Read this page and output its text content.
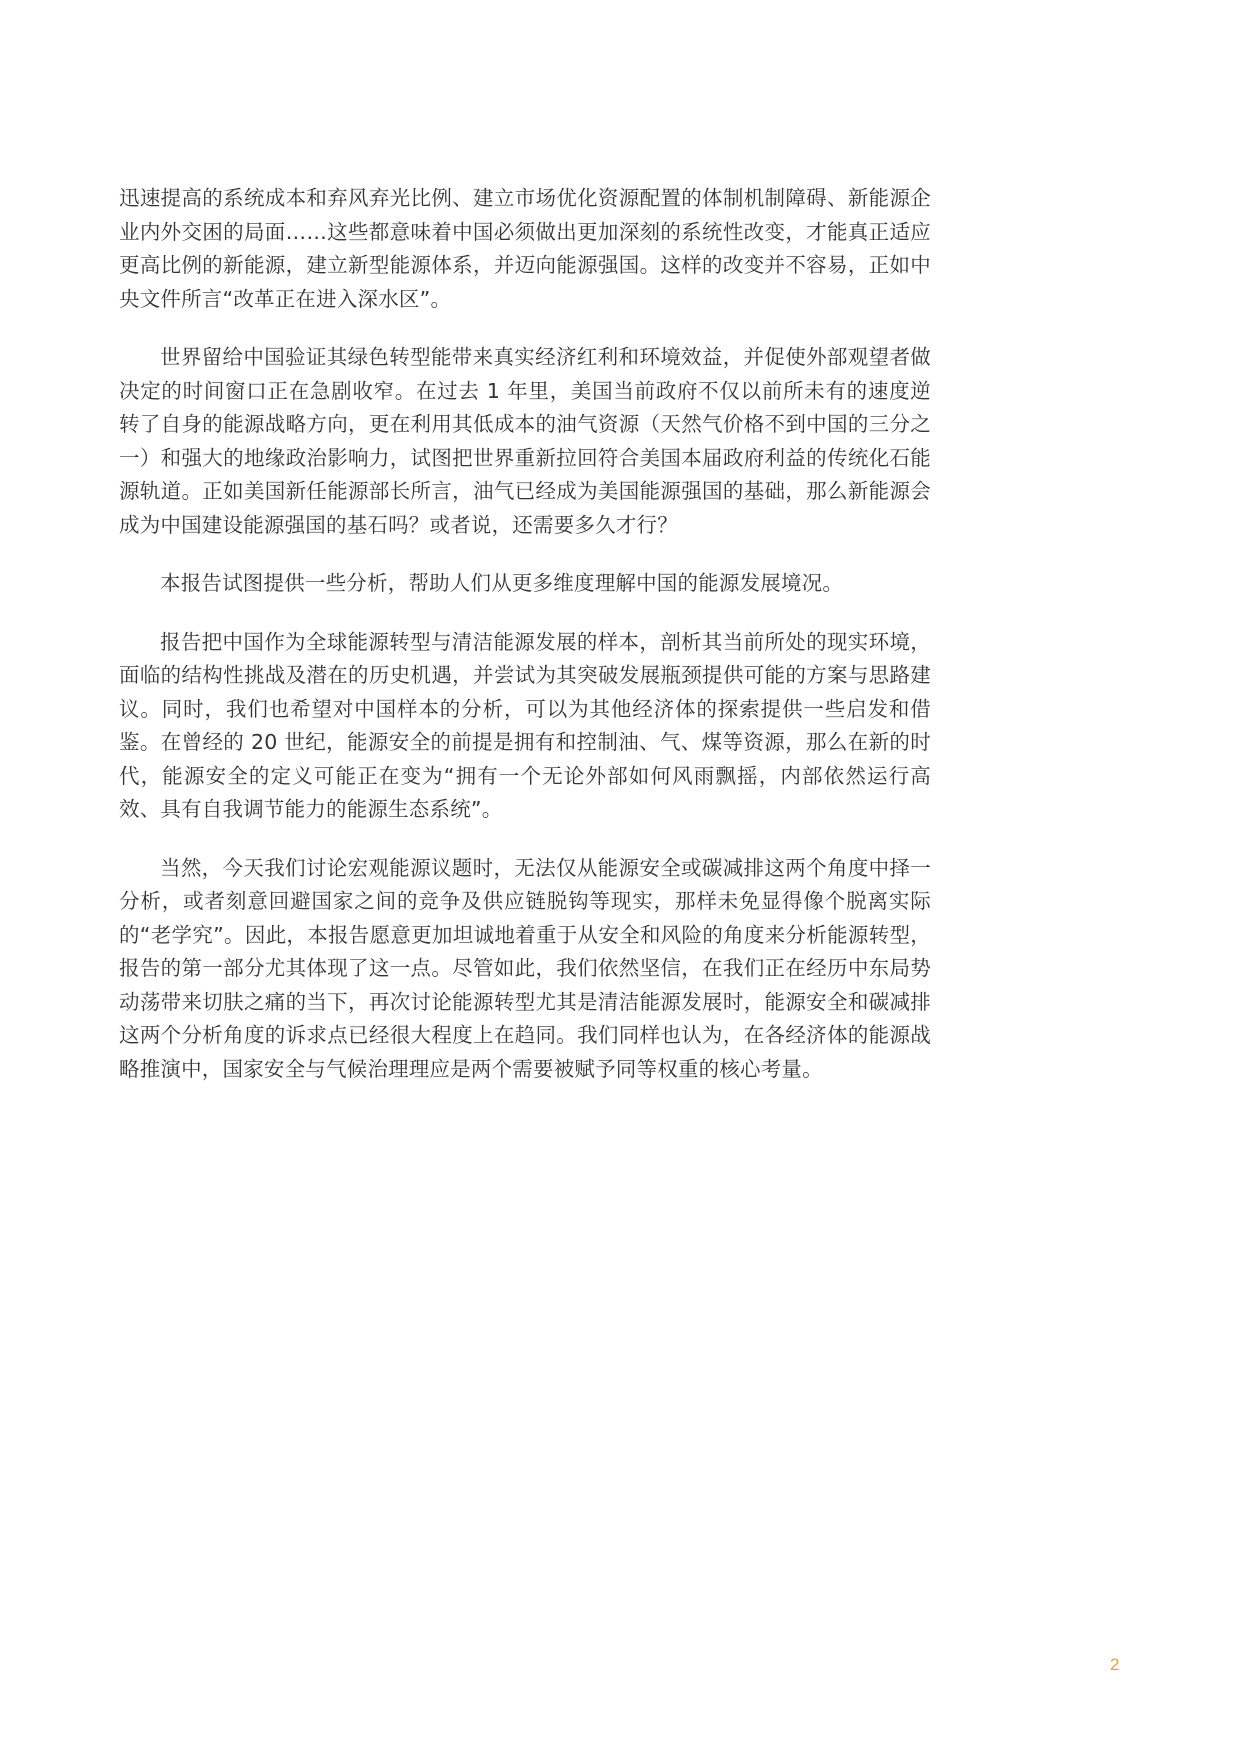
迅速提高的系统成本和弃风弃光比例、建立市场优化资源配置的体制机制障碍、新能源企业内外交困的局面……这些都意味着中国必须做出更加深刻的系统性改变，才能真正适应更高比例的新能源，建立新型能源体系，并迈向能源强国。这样的改变并不容易，正如中央文件所言“改革正在进入深水区”。

世界留给中国验证其绿色转型能带来真实经济红利和环境效益，并促使外部观望者做决定的时间窗口正在急剧收窄。在过去 1 年里，美国当前政府不仅以前所未有的速度逆转了自身的能源战略方向，更在利用其低成本的油气资源（天然气价格不到中国的三分之一）和强大的地缘政治影响力，试图把世界重新拉回符合美国本届政府利益的传统化石能源轨道。正如美国新任能源部长所言，油气已经成为美国能源强国的基础，那么新能源会成为中国建设能源强国的基石吗？或者说，还需要多久才行？

本报告试图提供一些分析，帮助人们从更多维度理解中国的能源发展境况。

报告把中国作为全球能源转型与清洁能源发展的样本，剖析其当前所处的现实环境，面临的结构性挑战及潜在的历史机遇，并尝试为其突破发展瓶颈提供可能的方案与思路建议。同时，我们也希望对中国样本的分析，可以为其他经济体的探索提供一些启发和借鉴。在曾经的 20 世纪，能源安全的前提是拥有和控制油、气、煤等资源，那么在新的时代，能源安全的定义可能正在变为“拥有一个无论外部如何风雨飘摇，内部依然运行高效、具有自我调节能力的能源生态系统”。

当然，今天我们讨论宏观能源议题时，无法仅从能源安全或碳减排这两个角度中择一分析，或者刻意回避国家之间的竞争及供应链脱钩等现实，那样未免显得像个脱离实际的“老学究”。因此，本报告愿意更加坦诚地着重于从安全和风险的角度来分析能源转型，报告的第一部分尤其体现了这一点。尽管如此，我们依然坚信，在我们正在经历中东局势动荡带来切肤之痛的当下，再次讨论能源转型尤其是清洁能源发展时，能源安全和碳减排这两个分析角度的诉求点已经很大程度上在趋同。我们同样也认为，在各经济体的能源战略推演中，国家安全与气候治理理应是两个需要被赋予同等权重的核心考量。

2
